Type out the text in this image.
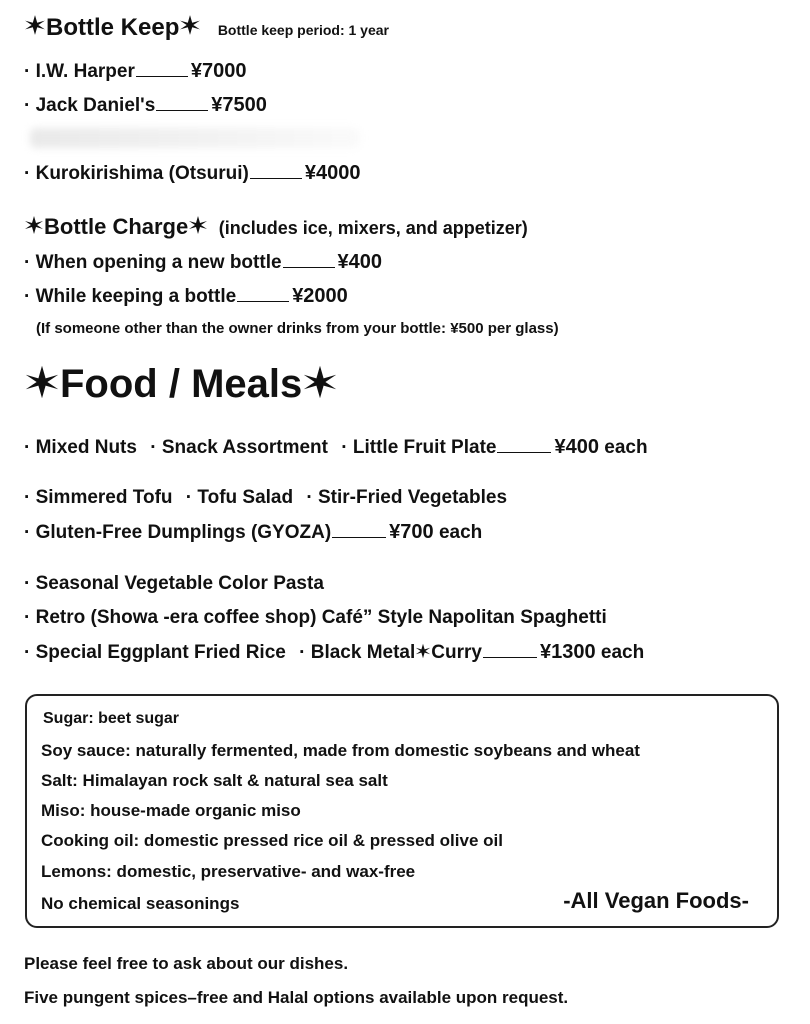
Bottle Keep	Bottle keep period: 1 year
· I.W. Harper	¥7000
· Jack Daniel's	¥7500
· Kurokirishima (Otsurui)	¥4000
Bottle Charge (includes ice, mixers, and appetizer)
· When opening a new bottle	¥400
· While keeping a bottle	¥2000
(If someone other than the owner drinks from your bottle: ¥500 per glass)
Food / Meals
· Mixed Nuts · Snack Assortment · Little Fruit Plate	¥400 each
· Simmered Tofu · Tofu Salad · Stir-Fried Vegetables
· Gluten-Free Dumplings (GYOZA)	¥700 each
· Seasonal Vegetable Color Pasta
· Retro (Showa -era coffee shop) Café” Style Napolitan Spaghetti
· Special Eggplant Fried Rice · Black Metal Curry	¥1300 each
Sugar: beet sugar
Soy sauce: naturally fermented, made from domestic soybeans and wheat
Salt: Himalayan rock salt & natural sea salt
Miso: house-made organic miso
Cooking oil: domestic pressed rice oil & pressed olive oil
Lemons: domestic, preservative- and wax-free
No chemical seasonings	-All Vegan Foods-
Please feel free to ask about our dishes.
Five pungent spices–free and Halal options available upon request.
